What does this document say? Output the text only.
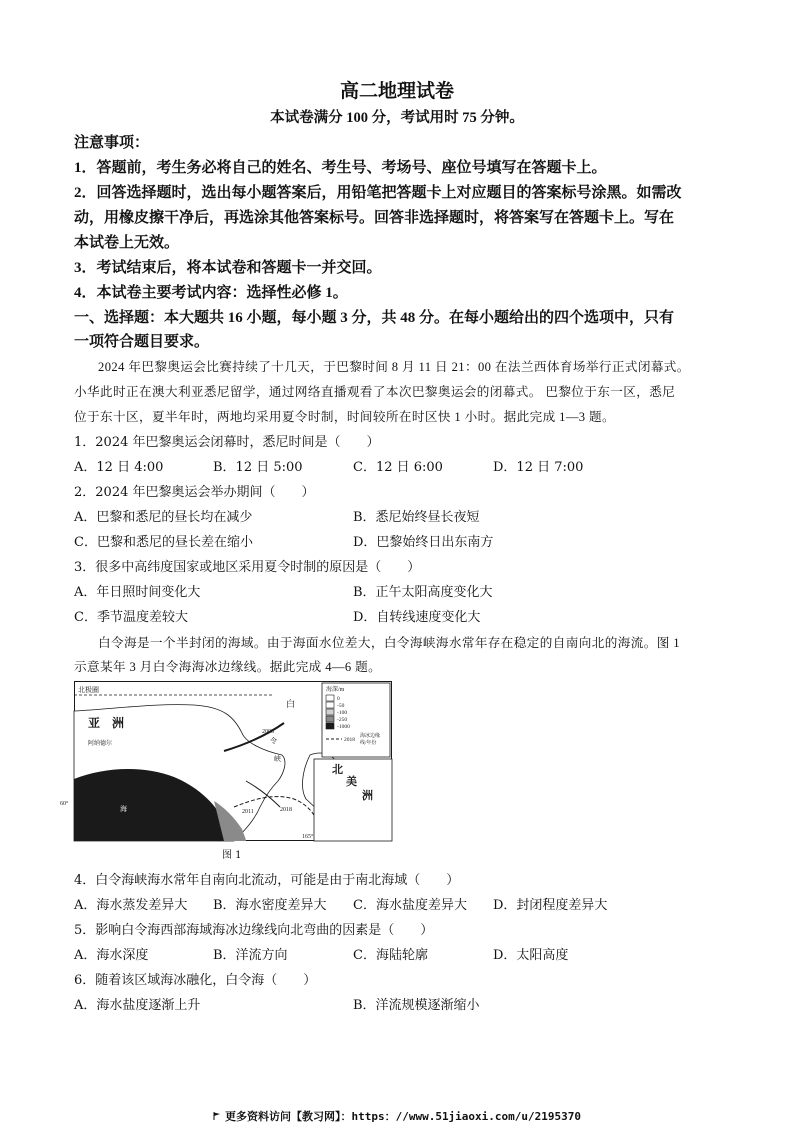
高二地理试卷
本试卷满分 100 分，考试用时 75 分钟。
注意事项：
1．答题前，考生务必将自己的姓名、考生号、考场号、座位号填写在答题卡上。
2．回答选择题时，选出每小题答案后，用铅笔把答题卡上对应题目的答案标号涂黑。如需改
动，用橡皮擦干净后，再选涂其他答案标号。回答非选择题时，将答案写在答题卡上。写在
本试卷上无效。
3．考试结束后，将本试卷和答题卡一并交回。
4．本试卷主要考试内容：选择性必修 1。
一、选择题：本大题共 16 小题，每小题 3 分，共 48 分。在每小题给出的四个选项中，只有
一项符合题目要求。
2024 年巴黎奥运会比赛持续了十几天，于巴黎时间 8 月 11 日 21：00 在法兰西体育场举行正式闭幕式。
小华此时正在澳大利亚悉尼留学，通过网络直播观看了本次巴黎奥运会的闭幕式。 巴黎位于东一区，悉尼
位于东十区，夏半年时，两地均采用夏令时制，时间较所在时区快 1 小时。据此完成 1—3 题。
1．2024 年巴黎奥运会闭幕时，悉尼时间是（　　）
A．12 日 4:00	B．12 日 5:00	C．12 日 6:00	D．12 日 7:00
2．2024 年巴黎奥运会举办期间（　　）
A．巴黎和悉尼的昼长均在减少	B．悉尼始终昼长夜短
C．巴黎和悉尼的昼长差在缩小	D．巴黎始终日出东南方
3．很多中高纬度国家或地区采用夏令时制的原因是（　　）
A．年日照时间变化大	B．正午太阳高度变化大
C．季节温度差较大	D．自转线速度变化大
白令海是一个半封闭的海域。由于海面水位差大，白令海峡海水常年存在稳定的自南向北的海流。图 1
示意某年 3 月白令海海冰边缘线。据此完成 4—6 题。
北极圈
亚　洲
阿纳德尔
60°
白
令
峡
海
北
美
洲
东经180° 西经	165°
2011	2018
2008
海深/m
0
-50
-100
-250
-1000
2018
海冰边缘
线/年份
图 1
4．白令海峡海水常年自南向北流动，可能是由于南北海域（　　）
A．海水蒸发差异大 B．海水密度差异大 C．海水盐度差异大 D．封闭程度差异大
5．影响白令海西部海域海冰边缘线向北弯曲的因素是（　　）
A．海水深度	B．洋流方向	C．海陆轮廓	D．太阳高度
6．随着该区域海冰融化，白令海（　　）
A．海水盐度逐渐上升	B．洋流规模逐渐缩小
更多资料访问【教习网】：https：//www.51jiaoxi.com/u/2195370
